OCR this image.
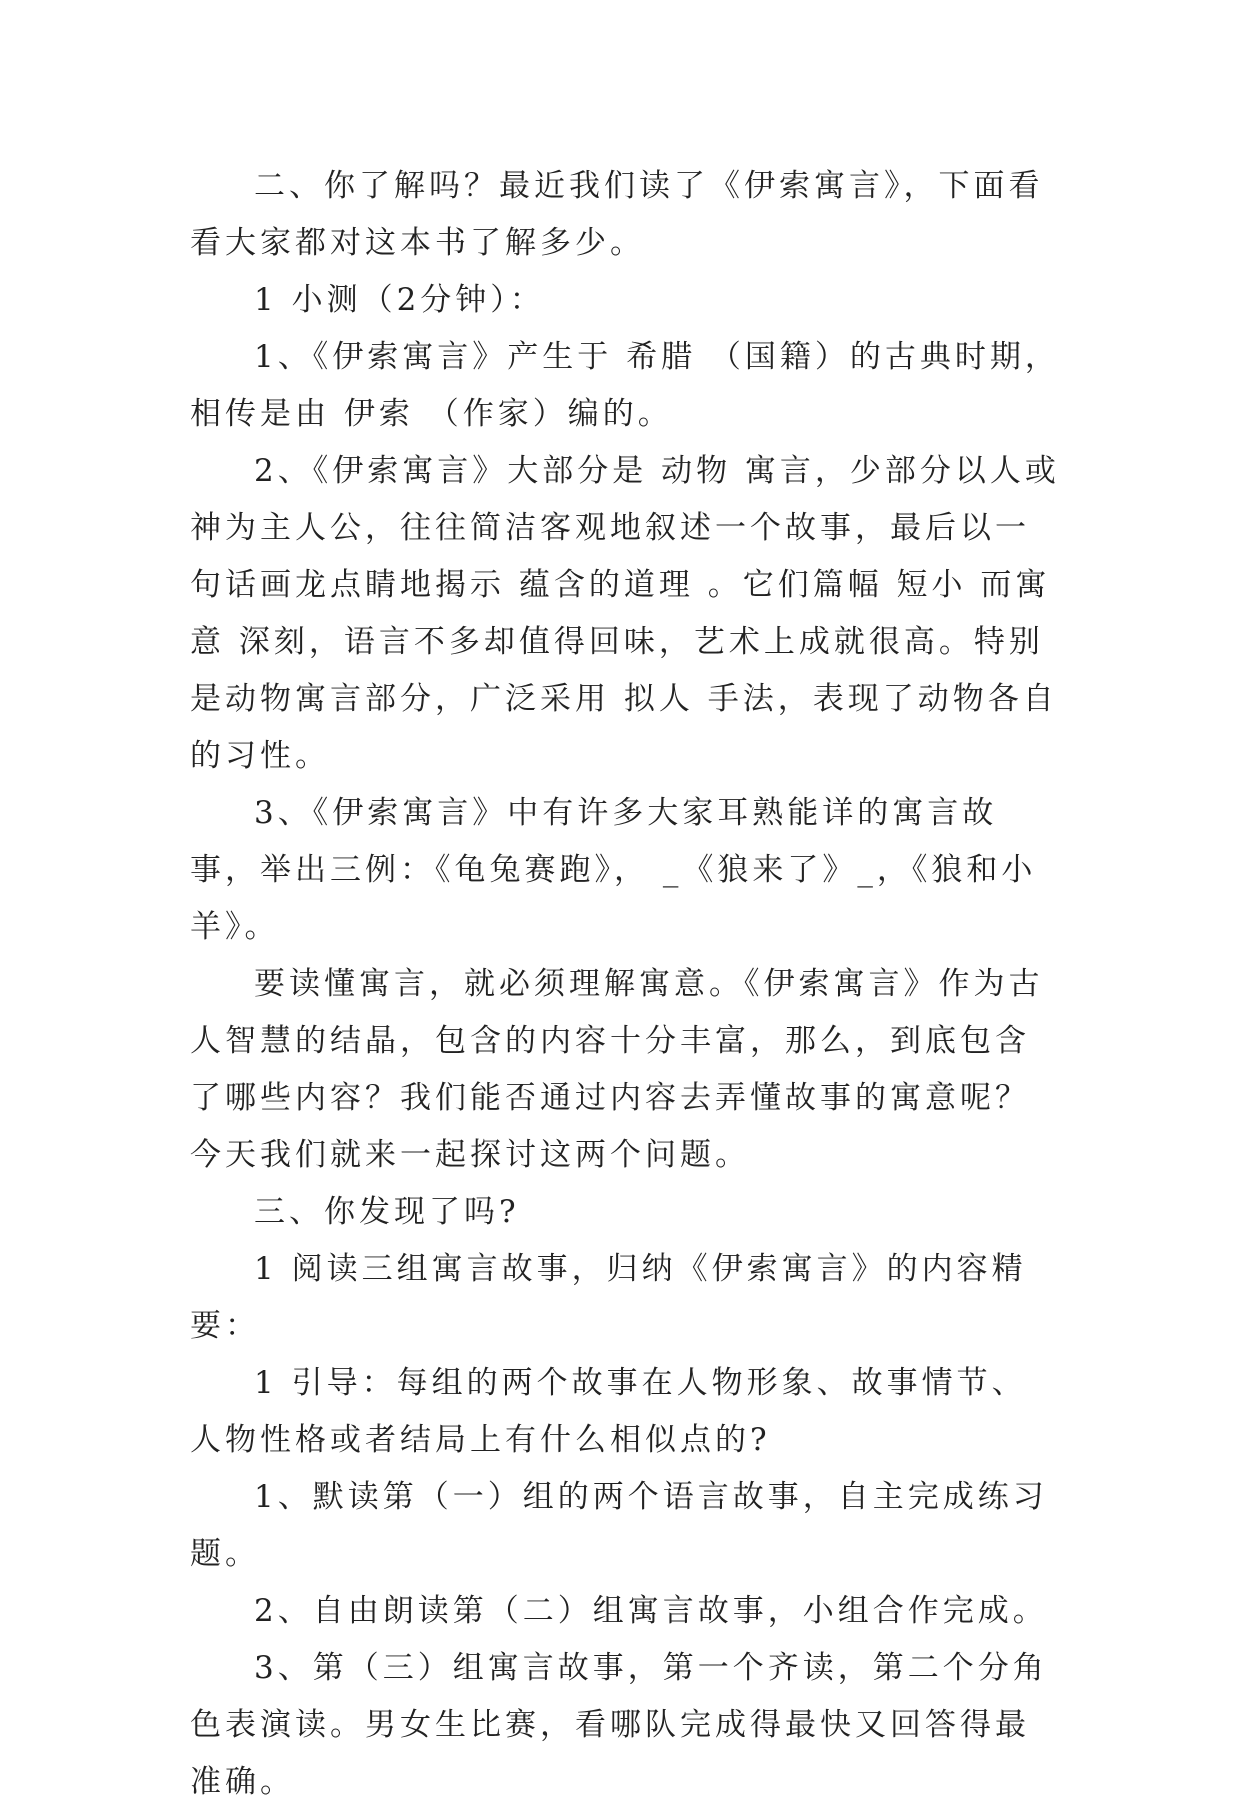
二、你了解吗？最近我们读了《伊索寓言》，下面看看大家都对这本书了解多少。

1 小测（2分钟）：

1、《伊索寓言》产生于 希腊 （国籍）的古典时期，相传是由 伊索 （作家）编的。

2、《伊索寓言》大部分是 动物 寓言，少部分以人或神为主人公，往往简洁客观地叙述一个故事，最后以一句话画龙点睛地揭示 蕴含的道理 。它们篇幅 短小 而寓意 深刻，语言不多却值得回味，艺术上成就很高。特别是动物寓言部分，广泛采用 拟人 手法，表现了动物各自的习性。

3、《伊索寓言》中有许多大家耳熟能详的寓言故事，举出三例：《龟兔赛跑》， _《狼来了》_，《狼和小羊》。

要读懂寓言，就必须理解寓意。《伊索寓言》作为古人智慧的结晶，包含的内容十分丰富，那么，到底包含了哪些内容？我们能否通过内容去弄懂故事的寓意呢？今天我们就来一起探讨这两个问题。

三、你发现了吗?

1 阅读三组寓言故事，归纳《伊索寓言》的内容精要：

1 引导：每组的两个故事在人物形象、故事情节、人物性格或者结局上有什么相似点的?

1、默读第（一）组的两个语言故事，自主完成练习题。

2、自由朗读第（二）组寓言故事，小组合作完成。

3、第（三）组寓言故事，第一个齐读，第二个分角色表演读。男女生比赛，看哪队完成得最快又回答得最准确。
